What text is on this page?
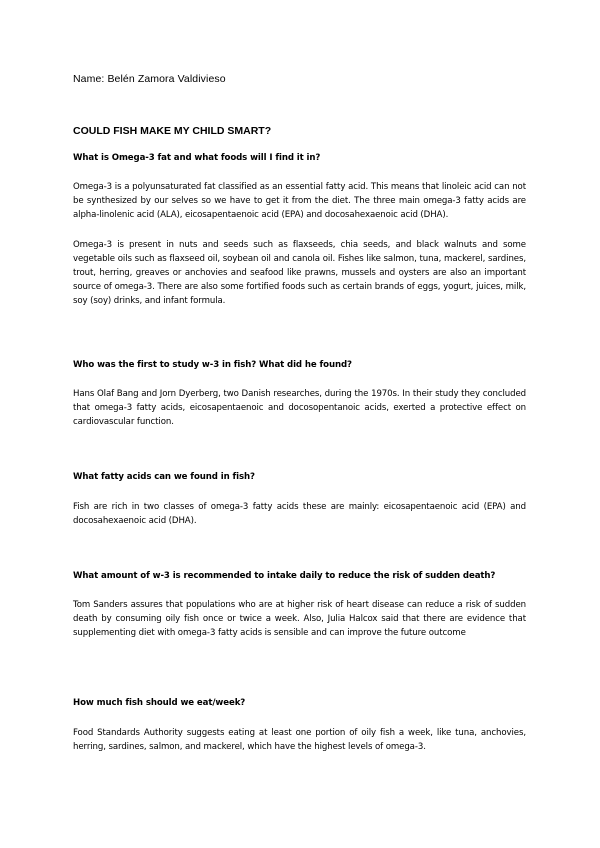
Name: Belén Zamora Valdivieso
COULD FISH MAKE MY CHILD SMART?
What is Omega-3 fat and what foods will I find it in?

Omega-3 is a polyunsaturated fat classified as an essential fatty acid. This means that linoleic acid can not be synthesized by our selves so we have to get it from the diet. The three main omega-3 fatty acids are alpha-linolenic acid (ALA), eicosapentaenoic acid (EPA) and docosahexaenoic acid (DHA).

Omega-3 is present in nuts and seeds such as flaxseeds, chia seeds, and black walnuts and some vegetable oils such as flaxseed oil, soybean oil and canola oil. Fishes like salmon, tuna, mackerel, sardines, trout, herring, greaves or anchovies and seafood like prawns, mussels and oysters are also an important source of omega-3. There are also some fortified foods such as certain brands of eggs, yogurt, juices, milk, soy (soy) drinks, and infant formula.

Who was the first to study w-3 in fish? What did he found?

Hans Olaf Bang and Jorn Dyerberg, two Danish researches, during the 1970s. In their study they concluded that omega-3 fatty acids, eicosapentaenoic and docosopentanoic acids, exerted a protective effect on cardiovascular function.

What fatty acids can we found in fish?

Fish are rich in two classes of omega-3 fatty acids these are mainly: eicosapentaenoic acid (EPA) and docosahexaenoic acid (DHA).

What amount of w-3 is recommended to intake daily to reduce the risk of sudden death?

Tom Sanders assures that populations who are at higher risk of heart disease can reduce a risk of sudden death by consuming oily fish once or twice a week. Also, Julia Halcox said that there are evidence that supplementing diet with omega-3 fatty acids is sensible and can improve the future outcome

How much fish should we eat/week?

Food Standards Authority suggests eating at least one portion of oily fish a week, like tuna, anchovies, herring, sardines, salmon, and mackerel, which have the highest levels of omega-3.
